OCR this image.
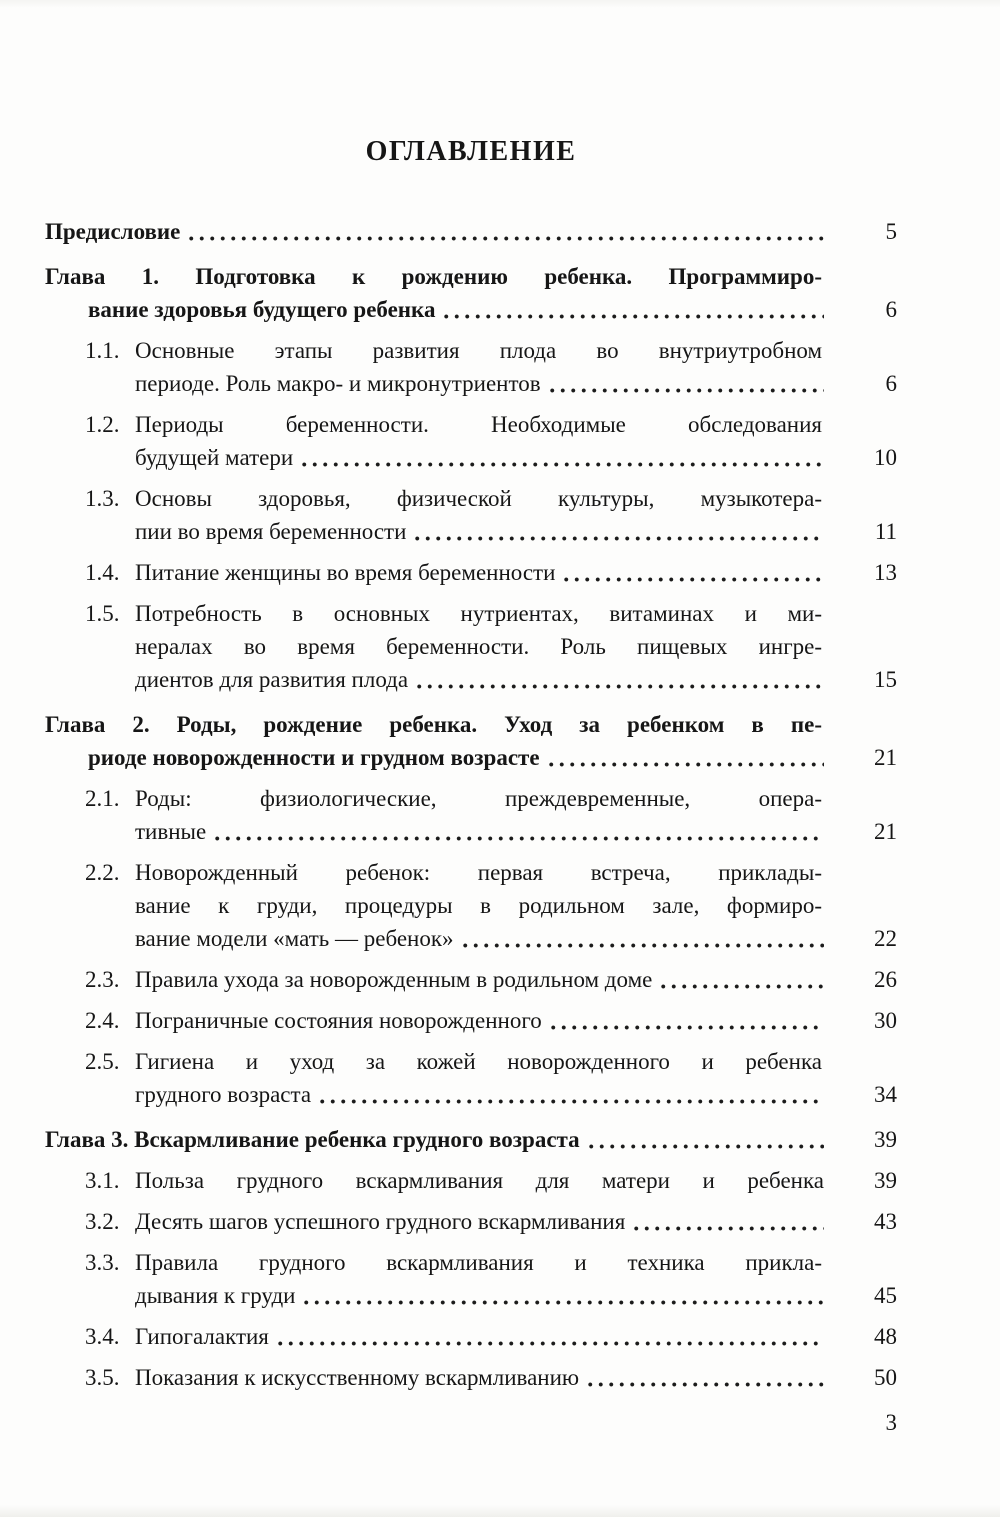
ОГЛАВЛЕНИЕ
Предисловие	5
Глава 1. Подготовка к рождению ребенка. Программиро-
вание здоровья будущего ребенка	6
1.1. Основные этапы развития плода во внутриутробном
периоде. Роль макро- и микронутриентов	6
1.2. Периоды беременности. Необходимые обследования
будущей матери	10
1.3. Основы здоровья, физической культуры, музыкотера-
пии во время беременности	11
1.4. Питание женщины во время беременности	13
1.5. Потребность в основных нутриентах, витаминах и ми-
нералах во время беременности. Роль пищевых ингре-
диентов для развития плода	15
Глава 2. Роды, рождение ребенка. Уход за ребенком в пе-
риоде новорожденности и грудном возрасте	21
2.1. Роды: физиологические, преждевременные, опера-
тивные	21
2.2. Новорожденный ребенок: первая встреча, приклады-
вание к груди, процедуры в родильном зале, формиро-
вание модели «мать — ребенок»	22
2.3. Правила ухода за новорожденным в родильном доме	26
2.4. Пограничные состояния новорожденного	30
2.5. Гигиена и уход за кожей новорожденного и ребенка
грудного возраста	34
Глава 3. Вскармливание ребенка грудного возраста	39
3.1. Польза грудного вскармливания для матери и ребенка	39
3.2. Десять шагов успешного грудного вскармливания	43
3.3. Правила грудного вскармливания и техника прикла-
дывания к груди	45
3.4. Гипогалактия	48
3.5. Показания к искусственному вскармливанию	50
3
